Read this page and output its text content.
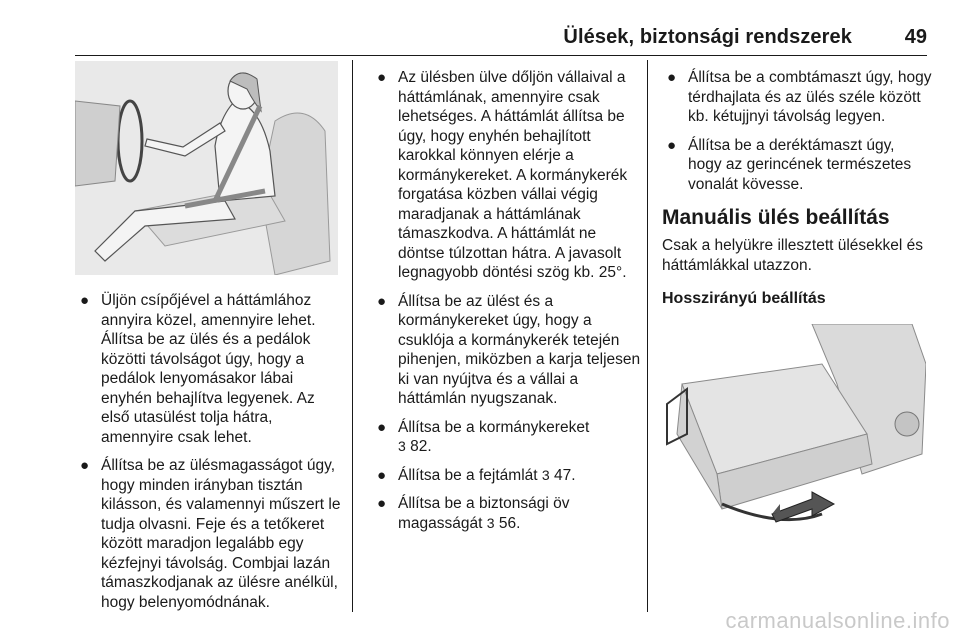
Ülések, biztonsági rendszerek	49
● Üljön csípőjével a háttámlához annyira közel, amennyire lehet. Állítsa be az ülés és a pedálok közötti távolságot úgy, hogy a pedálok lenyomásakor lábai enyhén behajlítva legyenek. Az első utasülést tolja hátra, amennyire csak lehet.
● Állítsa be az ülésmagasságot úgy, hogy minden irányban tisztán kilásson, és valamennyi műszert le tudja olvasni. Feje és a tetőkeret között maradjon legalább egy kézfejnyi távolság. Combjai lazán támaszkodjanak az ülésre anélkül, hogy belenyomódnának.
● Az ülésben ülve dőljön vállaival a háttámlának, amennyire csak lehetséges. A háttámlát állítsa be úgy, hogy enyhén behajlított karokkal könnyen elérje a kormánykereket. A kormánykerék forgatása közben vállai végig maradjanak a háttámlának támaszkodva. A háttámlát ne döntse túlzottan hátra. A javasolt legnagyobb döntési szög kb. 25°.
● Állítsa be az ülést és a kormánykereket úgy, hogy a csuklója a kormánykerék tetején pihenjen, miközben a karja teljesen ki van nyújtva és a vállai a háttámlán nyugszanak.
● Állítsa be a kormánykereket
3 82.
● Állítsa be a fejtámlát 3 47.
● Állítsa be a biztonsági öv magasságát 3 56.
● Állítsa be a combtámaszt úgy, hogy térdhajlata és az ülés széle között kb. kétujjnyi távolság legyen.
● Állítsa be a deréktámaszt úgy, hogy az gerincének természetes vonalát kövesse.
Manuális ülés beállítás

Csak a helyükre illesztett ülésekkel és háttámlákkal utazzon.

Hosszirányú beállítás
carmanualsonline.info
